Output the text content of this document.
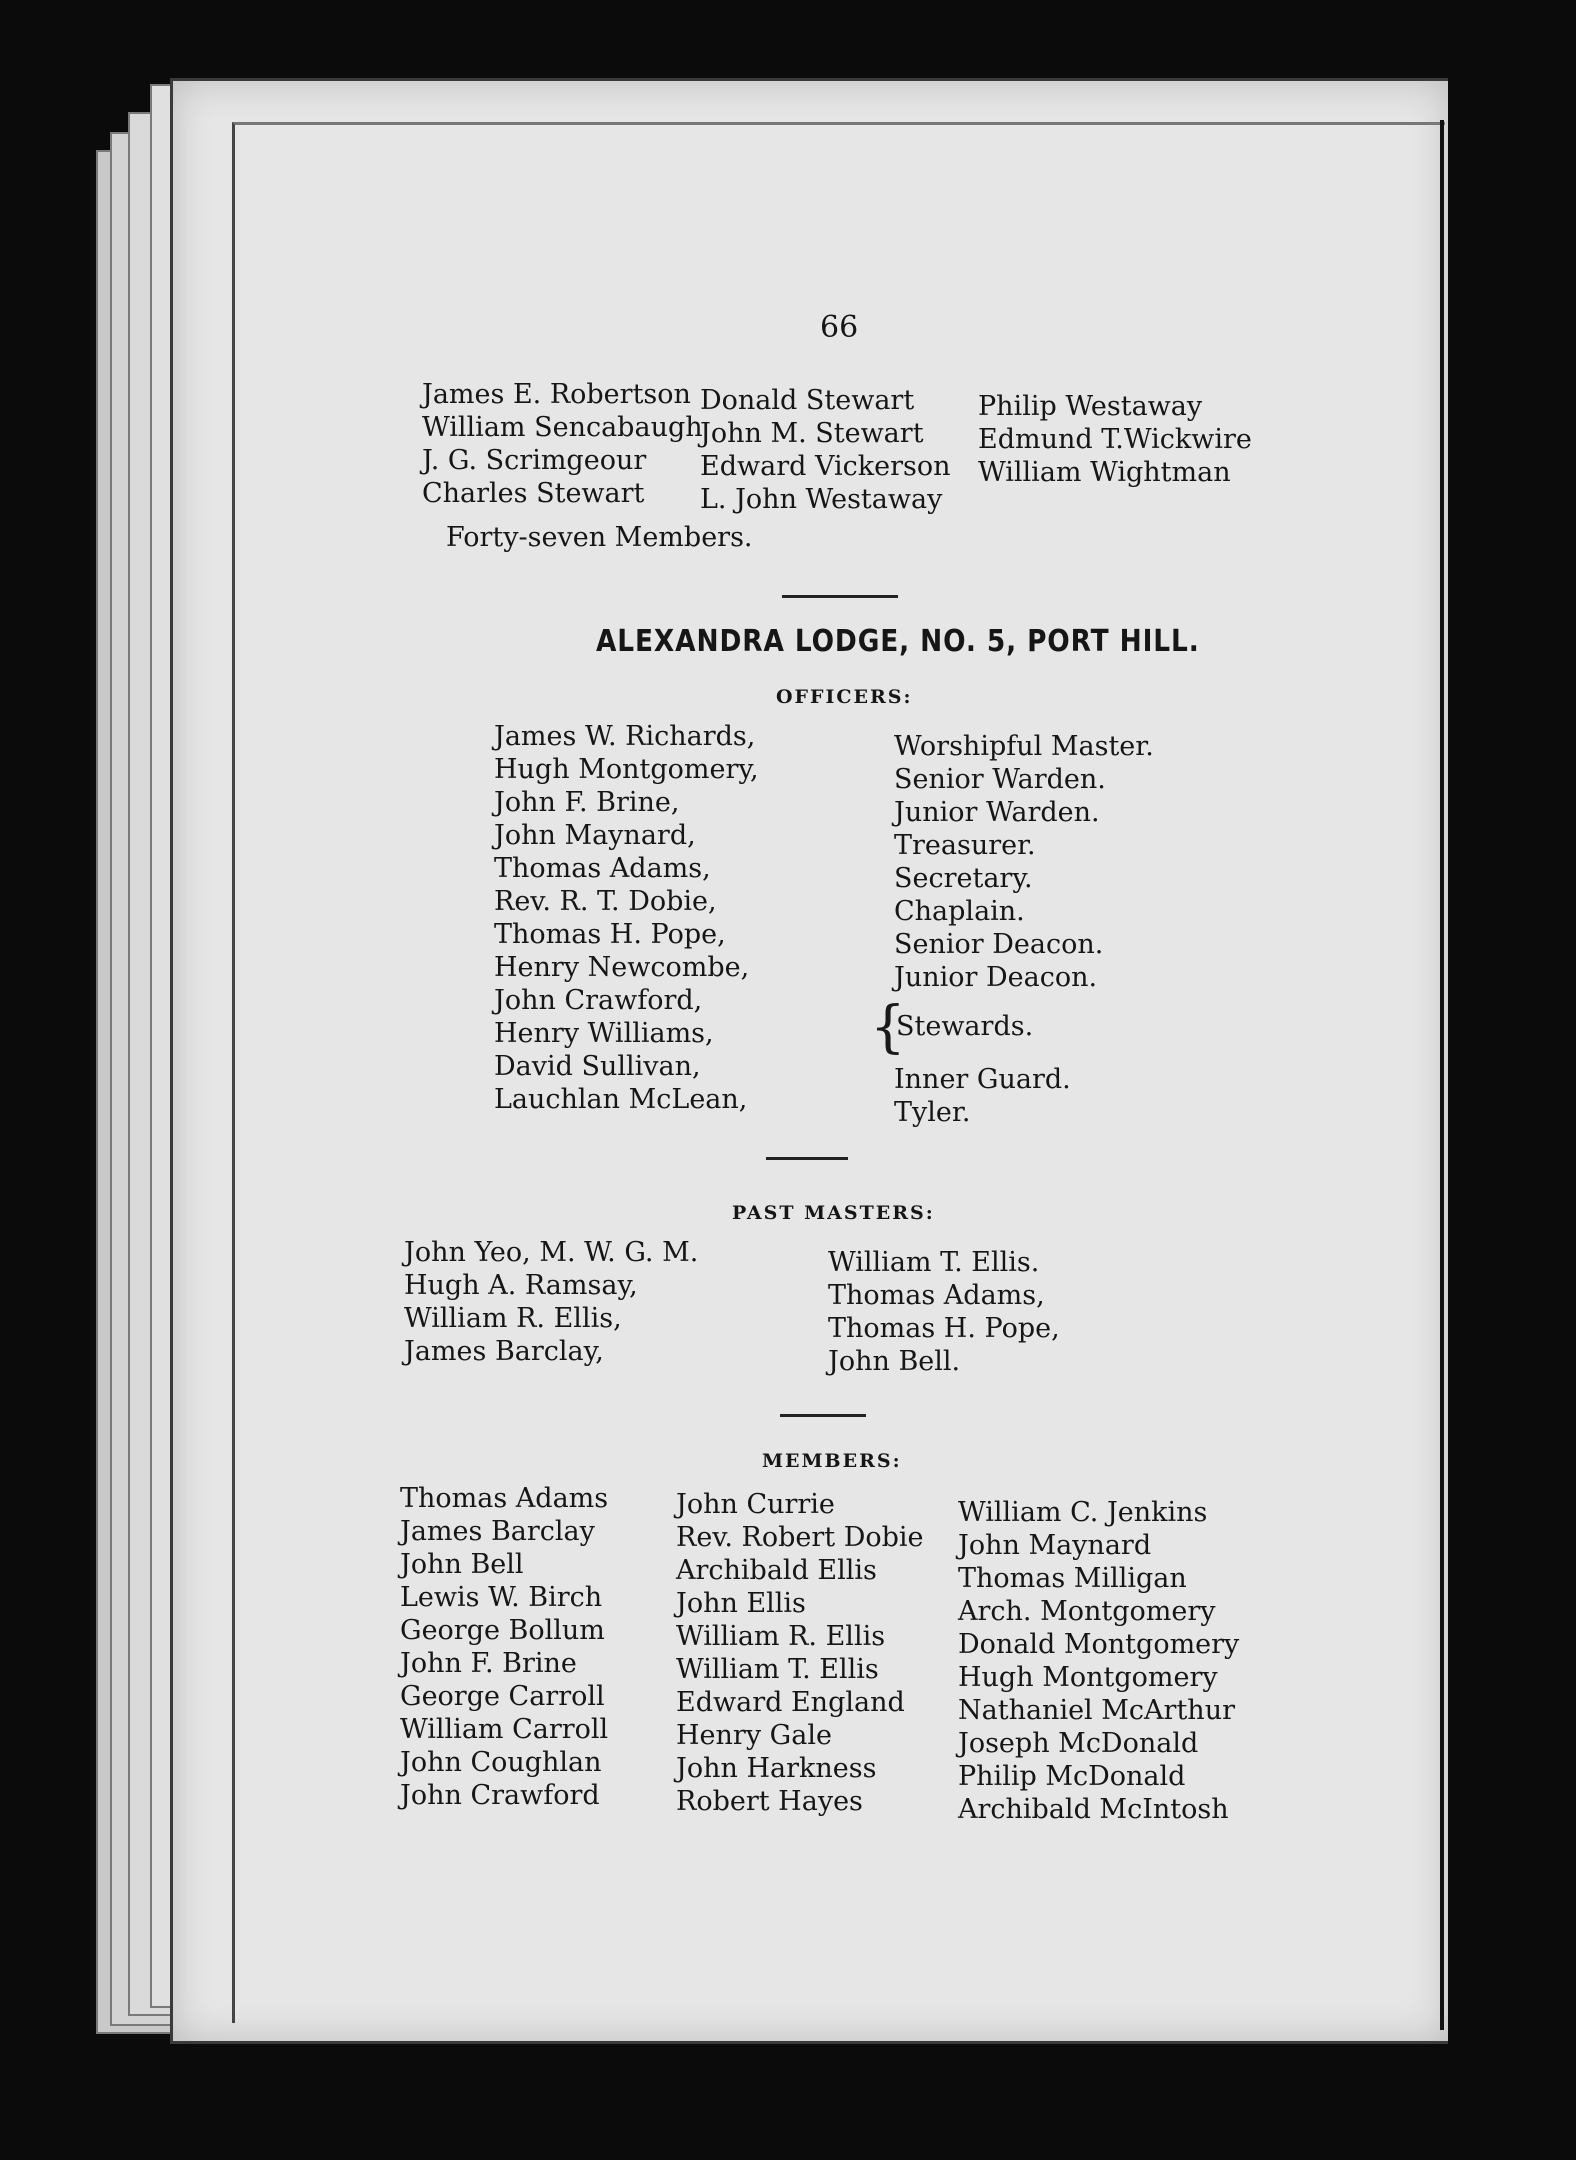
66
James E. Robertson
William Sencabaugh
J. G. Scrimgeour
Charles Stewart
Donald Stewart
John M. Stewart
Edward Vickerson
L. John Westaway
Philip Westaway
Edmund T.Wickwire
William Wightman
Forty-seven Members.
ALEXANDRA LODGE, NO. 5, PORT HILL.
OFFICERS:
James W. Richards,
Hugh Montgomery,
John F. Brine,
John Maynard,
Thomas Adams,
Rev. R. T. Dobie,
Thomas H. Pope,
Henry Newcombe,
John Crawford,
Henry Williams,
David Sullivan,
Lauchlan McLean,
Worshipful Master.
Senior Warden.
Junior Warden.
Treasurer.
Secretary.
Chaplain.
Senior Deacon.
Junior Deacon.
{
Stewards.
Inner Guard.
Tyler.
PAST MASTERS:
John Yeo, M. W. G. M.
Hugh A. Ramsay,
William R. Ellis,
James Barclay,
William T. Ellis.
Thomas Adams,
Thomas H. Pope,
John Bell.
MEMBERS:
Thomas Adams
James Barclay
John Bell
Lewis W. Birch
George Bollum
John F. Brine
George Carroll
William Carroll
John Coughlan
John Crawford
John Currie
Rev. Robert Dobie
Archibald Ellis
John Ellis
William R. Ellis
William T. Ellis
Edward England
Henry Gale
John Harkness
Robert Hayes
William C. Jenkins
John Maynard
Thomas Milligan
Arch. Montgomery
Donald Montgomery
Hugh Montgomery
Nathaniel McArthur
Joseph McDonald
Philip McDonald
Archibald McIntosh
